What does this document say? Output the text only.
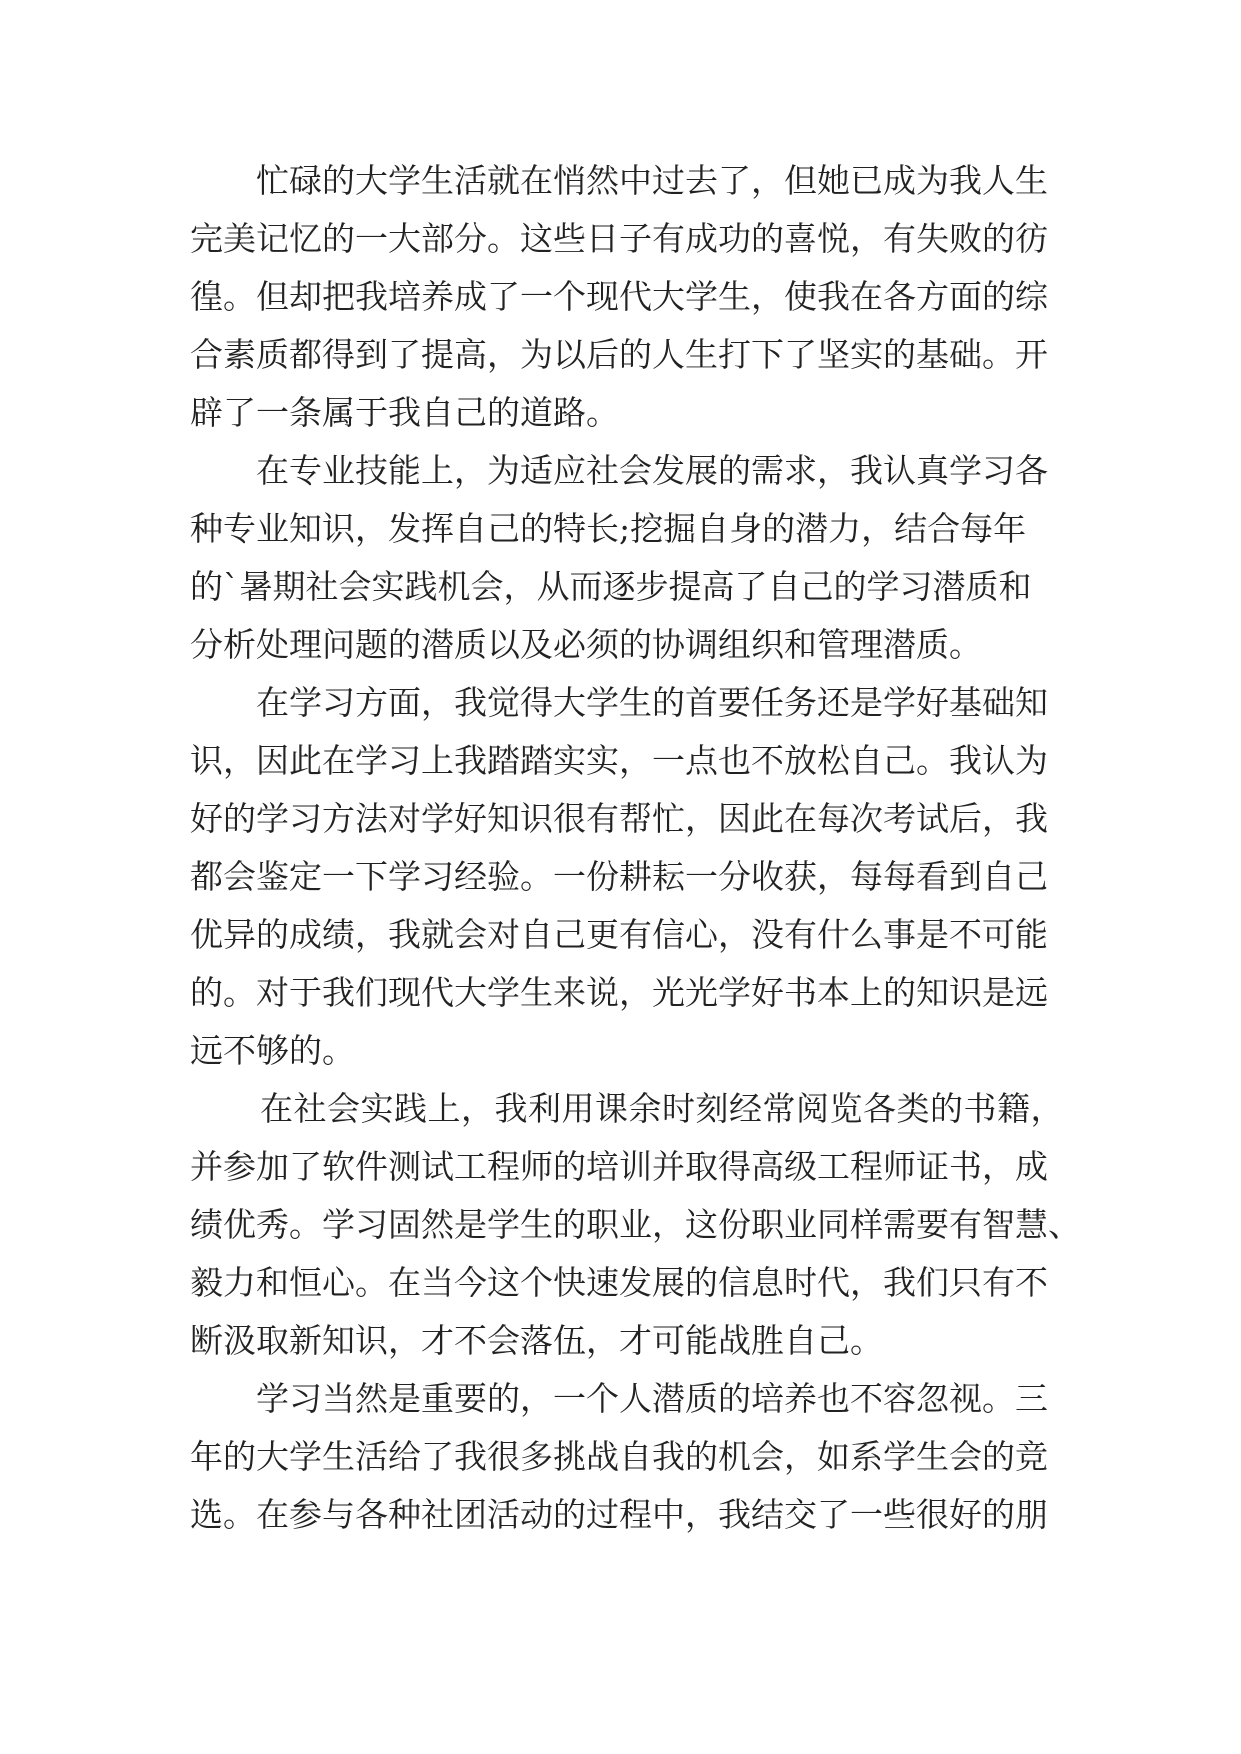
忙碌的大学生活就在悄然中过去了，但她已成为我人生
完美记忆的一大部分。这些日子有成功的喜悦，有失败的彷
徨。但却把我培养成了一个现代大学生，使我在各方面的综
合素质都得到了提高，为以后的人生打下了坚实的基础。开
辟了一条属于我自己的道路。
在专业技能上，为适应社会发展的需求，我认真学习各
种专业知识，发挥自己的特长;挖掘自身的潜力，结合每年
的`暑期社会实践机会，从而逐步提高了自己的学习潜质和
分析处理问题的潜质以及必须的协调组织和管理潜质。
在学习方面，我觉得大学生的首要任务还是学好基础知
识，因此在学习上我踏踏实实，一点也不放松自己。我认为
好的学习方法对学好知识很有帮忙，因此在每次考试后，我
都会鉴定一下学习经验。一份耕耘一分收获，每每看到自己
优异的成绩，我就会对自己更有信心，没有什么事是不可能
的。对于我们现代大学生来说，光光学好书本上的知识是远
远不够的。
在社会实践上，我利用课余时刻经常阅览各类的书籍，
并参加了软件测试工程师的培训并取得高级工程师证书，成
绩优秀。学习固然是学生的职业，这份职业同样需要有智慧、
毅力和恒心。在当今这个快速发展的信息时代，我们只有不
断汲取新知识，才不会落伍，才可能战胜自己。
学习当然是重要的，一个人潜质的培养也不容忽视。三
年的大学生活给了我很多挑战自我的机会，如系学生会的竞
选。在参与各种社团活动的过程中，我结交了一些很好的朋
